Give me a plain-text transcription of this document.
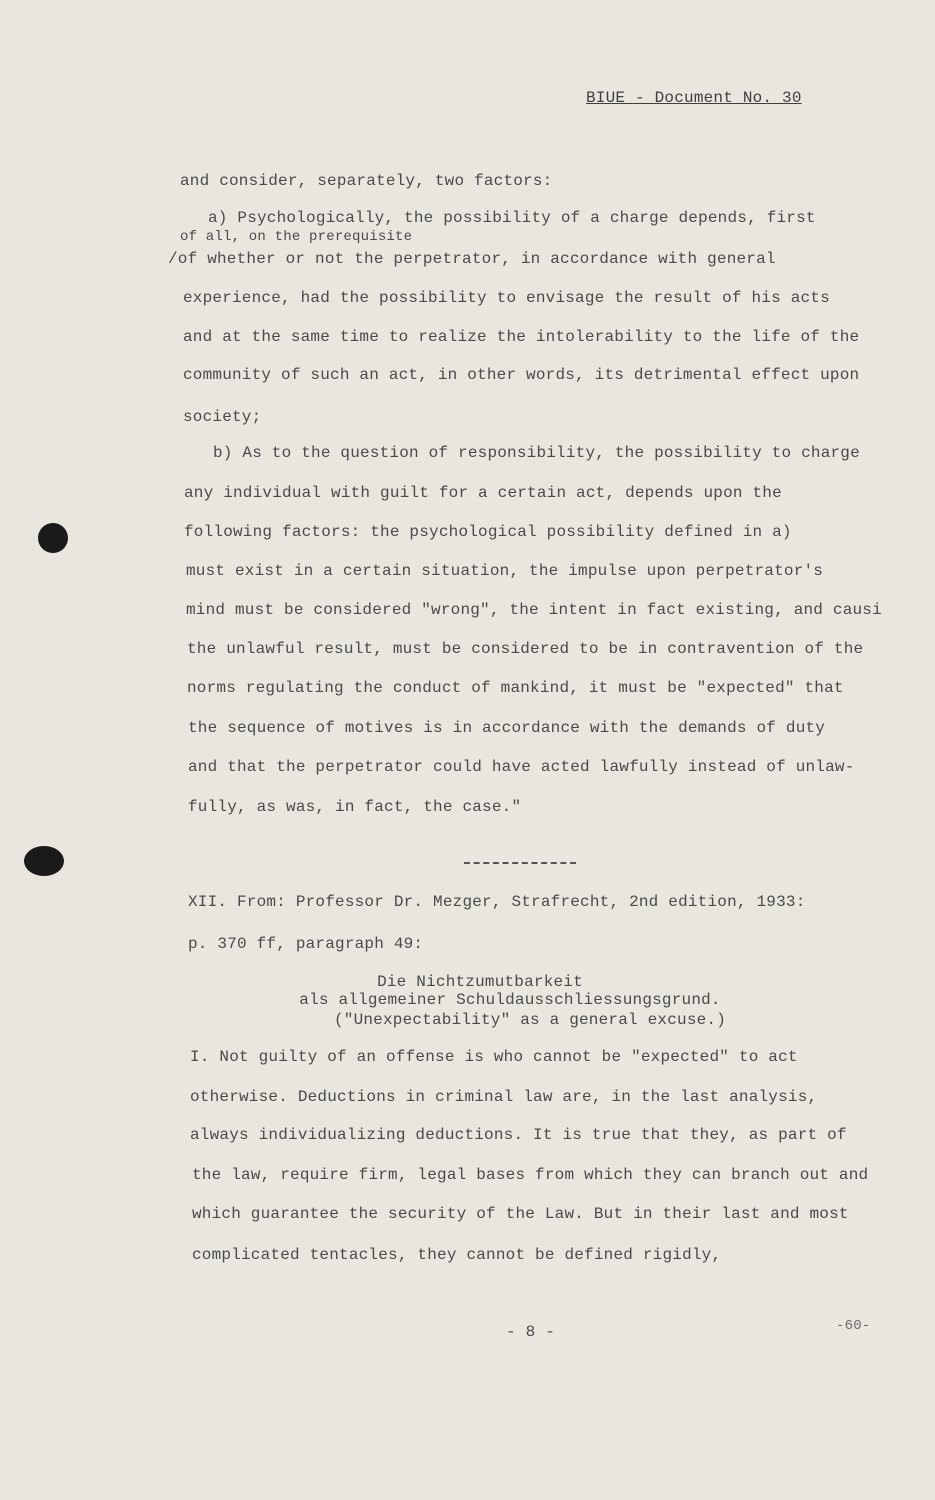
BIUE - Document No. 30
and consider, separately, two factors:
a) Psychologically, the possibility of a charge depends, first
of all, on the prerequisite
/of whether or not the perpetrator, in accordance with general
experience, had the possibility to envisage the result of his acts
and at the same time to realize the intolerability to the life of the
community of such an act, in other words, its detrimental effect upon
society;
b) As to the question of responsibility, the possibility to charge
any individual with guilt for a certain act, depends upon the
following factors: the psychological possibility defined in a)
must exist in a certain situation, the impulse upon perpetrator's
mind must be considered "wrong", the intent in fact existing, and causi
the unlawful result, must be considered to be in contravention of the
norms regulating the conduct of mankind, it must be "expected" that
the sequence of motives is in accordance with the demands of duty
and that the perpetrator could have acted lawfully instead of unlaw-
fully, as was, in fact, the case."
XII. From: Professor Dr. Mezger, Strafrecht, 2nd edition, 1933:
p. 370 ff, paragraph 49:
Die Nichtzumutbarkeit
als allgemeiner Schuldausschliessungsgrund.
("Unexpectability" as a general excuse.)
I. Not guilty of an offense is who cannot be "expected" to act
otherwise. Deductions in criminal law are, in the last analysis,
always individualizing deductions. It is true that they, as part of
the law, require firm, legal bases from which they can branch out and
which guarantee the security of the Law. But in their last and most
complicated tentacles, they cannot be defined rigidly,
- 8 -	-60-
